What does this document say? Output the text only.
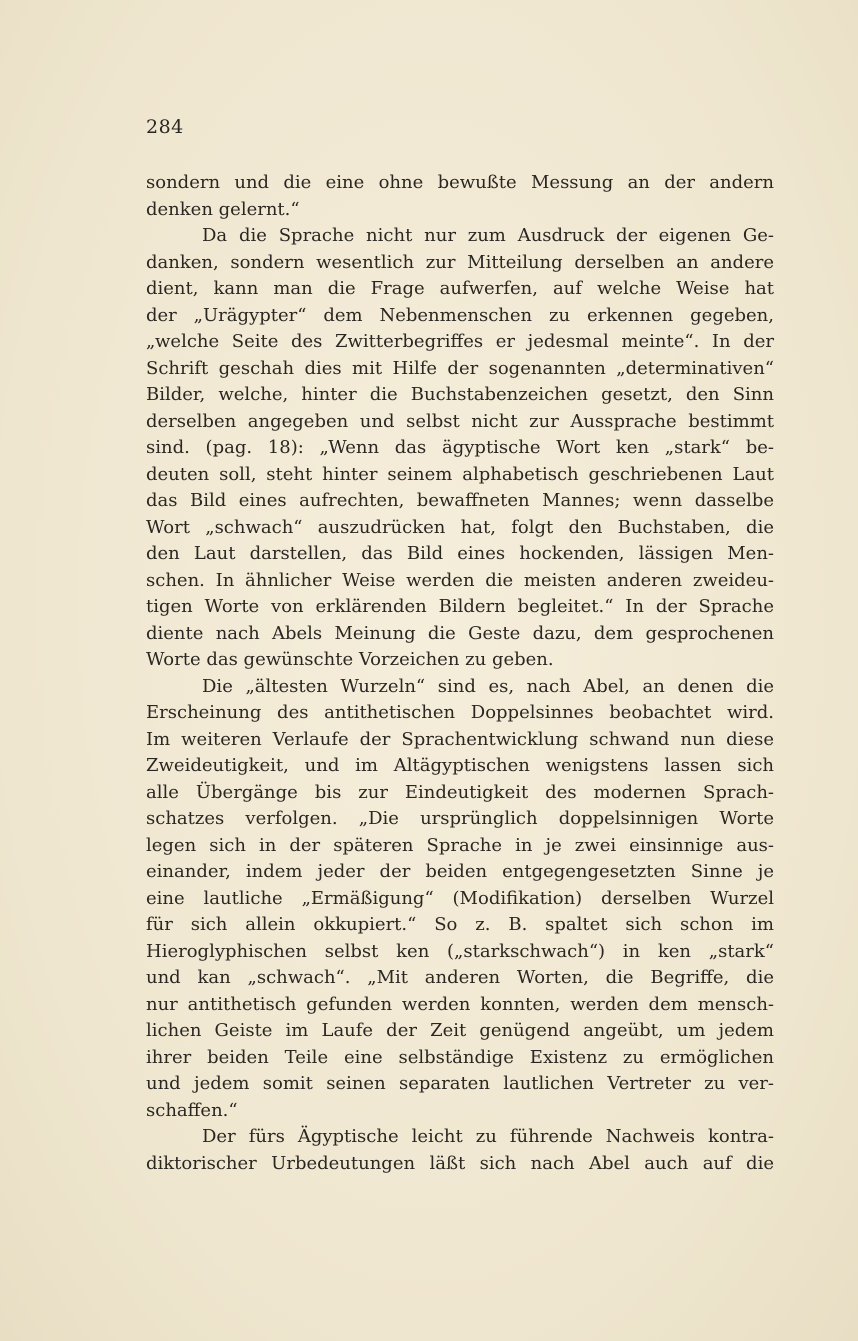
284
sondern und die eine ohne bewußte Messung an der andern
denken gelernt.“
Da die Sprache nicht nur zum Ausdruck der eigenen Ge-
danken, sondern wesentlich zur Mitteilung derselben an andere
dient, kann man die Frage aufwerfen, auf welche Weise hat
der „Urägypter“ dem Nebenmenschen zu erkennen gegeben,
„welche Seite des Zwitterbegriffes er jedesmal meinte“. In der
Schrift geschah dies mit Hilfe der sogenannten „determinativen“
Bilder, welche, hinter die Buchstabenzeichen gesetzt, den Sinn
derselben angegeben und selbst nicht zur Aussprache bestimmt
sind. (pag. 18): „Wenn das ägyptische Wort ken „stark“ be-
deuten soll, steht hinter seinem alphabetisch geschriebenen Laut
das Bild eines aufrechten, bewaffneten Mannes; wenn dasselbe
Wort „schwach“ auszudrücken hat, folgt den Buchstaben, die
den Laut darstellen, das Bild eines hockenden, lässigen Men-
schen. In ähnlicher Weise werden die meisten anderen zweideu-
tigen Worte von erklärenden Bildern begleitet.“ In der Sprache
diente nach Abels Meinung die Geste dazu, dem gesprochenen
Worte das gewünschte Vorzeichen zu geben.
Die „ältesten Wurzeln“ sind es, nach Abel, an denen die
Erscheinung des antithetischen Doppelsinnes beobachtet wird.
Im weiteren Verlaufe der Sprachentwicklung schwand nun diese
Zweideutigkeit, und im Altägyptischen wenigstens lassen sich
alle Übergänge bis zur Eindeutigkeit des modernen Sprach-
schatzes verfolgen. „Die ursprünglich doppelsinnigen Worte
legen sich in der späteren Sprache in je zwei einsinnige aus-
einander, indem jeder der beiden entgegengesetzten Sinne je
eine lautliche „Ermäßigung“ (Modifikation) derselben Wurzel
für sich allein okkupiert.“ So z. B. spaltet sich schon im
Hieroglyphischen selbst ken („starkschwach“) in ken „stark“
und kan „schwach“. „Mit anderen Worten, die Begriffe, die
nur antithetisch gefunden werden konnten, werden dem mensch-
lichen Geiste im Laufe der Zeit genügend angeübt, um jedem
ihrer beiden Teile eine selbständige Existenz zu ermöglichen
und jedem somit seinen separaten lautlichen Vertreter zu ver-
schaffen.“
Der fürs Ägyptische leicht zu führende Nachweis kontra-
diktorischer Urbedeutungen läßt sich nach Abel auch auf die
